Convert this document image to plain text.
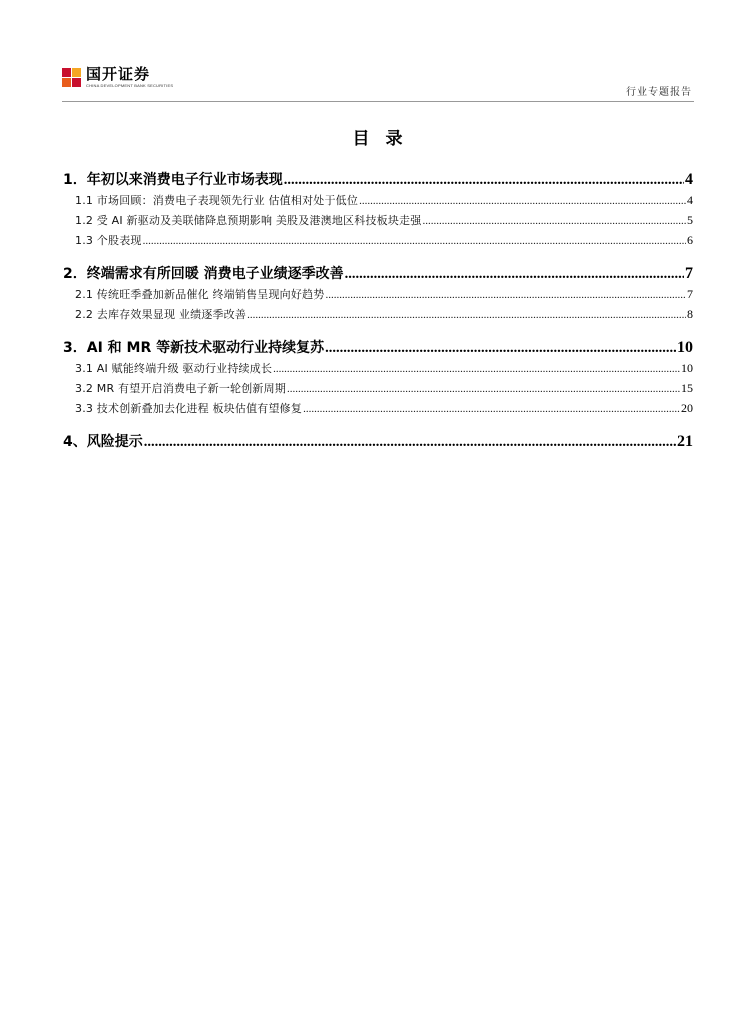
国开证券
CHINA DEVELOPMENT BANK SECURITIES
行业专题报告
目录
1．年初以来消费电子行业市场表现 .....	4
1.1 市场回顾：消费电子表现领先行业 估值相对处于低位 .....	4
1.2 受 AI 新驱动及美联储降息预期影响 美股及港澳地区科技板块走强 .....	5
1.3 个股表现 .....	6
2．终端需求有所回暖 消费电子业绩逐季改善 .....	7
2.1 传统旺季叠加新品催化 终端销售呈现向好趋势 .....	7
2.2 去库存效果显现 业绩逐季改善 .....	8
3．AI 和 MR 等新技术驱动行业持续复苏 .....	10
3.1 AI 赋能终端升级 驱动行业持续成长 .....	10
3.2 MR 有望开启消费电子新一轮创新周期 .....	15
3.3 技术创新叠加去化进程 板块估值有望修复 .....	20
4、风险提示 .....	21
